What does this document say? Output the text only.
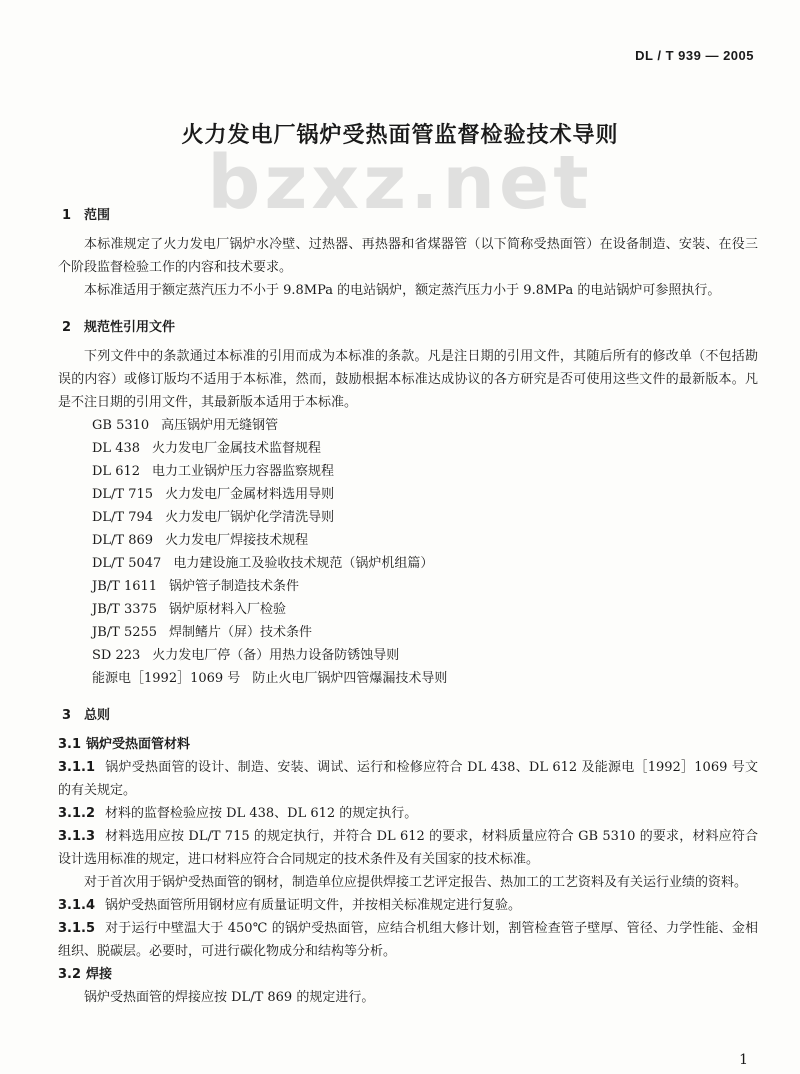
DL / T 939 — 2005
bzxz.net
火力发电厂锅炉受热面管监督检验技术导则
1 范围

本标准规定了火力发电厂锅炉水冷壁、过热器、再热器和省煤器管（以下简称受热面管）在设备制造、安装、在役三个阶段监督检验工作的内容和技术要求。

本标准适用于额定蒸汽压力不小于 9.8MPa 的电站锅炉，额定蒸汽压力小于 9.8MPa 的电站锅炉可参照执行。

2 规范性引用文件

下列文件中的条款通过本标准的引用而成为本标准的条款。凡是注日期的引用文件，其随后所有的修改单（不包括勘误的内容）或修订版均不适用于本标准，然而，鼓励根据本标准达成协议的各方研究是否可使用这些文件的最新版本。凡是不注日期的引用文件，其最新版本适用于本标准。

GB 5310 高压锅炉用无缝钢管
DL 438 火力发电厂金属技术监督规程
DL 612 电力工业锅炉压力容器监察规程
DL/T 715 火力发电厂金属材料选用导则
DL/T 794 火力发电厂锅炉化学清洗导则
DL/T 869 火力发电厂焊接技术规程
DL/T 5047 电力建设施工及验收技术规范（锅炉机组篇）
JB/T 1611 锅炉管子制造技术条件
JB/T 3375 锅炉原材料入厂检验
JB/T 5255 焊制鳍片（屏）技术条件
SD 223 火力发电厂停（备）用热力设备防锈蚀导则
能源电［1992］1069 号 防止火电厂锅炉四管爆漏技术导则
3 总则
3.1 锅炉受热面管材料

3.1.1 锅炉受热面管的设计、制造、安装、调试、运行和检修应符合 DL 438、DL 612 及能源电［1992］1069 号文的有关规定。

3.1.2 材料的监督检验应按 DL 438、DL 612 的规定执行。

3.1.3 材料选用应按 DL/T 715 的规定执行，并符合 DL 612 的要求，材料质量应符合 GB 5310 的要求，材料应符合设计选用标准的规定，进口材料应符合合同规定的技术条件及有关国家的技术标准。

对于首次用于锅炉受热面管的钢材，制造单位应提供焊接工艺评定报告、热加工的工艺资料及有关运行业绩的资料。

3.1.4 锅炉受热面管所用钢材应有质量证明文件，并按相关标准规定进行复验。

3.1.5 对于运行中壁温大于 450℃ 的锅炉受热面管，应结合机组大修计划，割管检查管子壁厚、管径、力学性能、金相组织、脱碳层。必要时，可进行碳化物成分和结构等分析。

3.2 焊接

锅炉受热面管的焊接应按 DL/T 869 的规定进行。

1
